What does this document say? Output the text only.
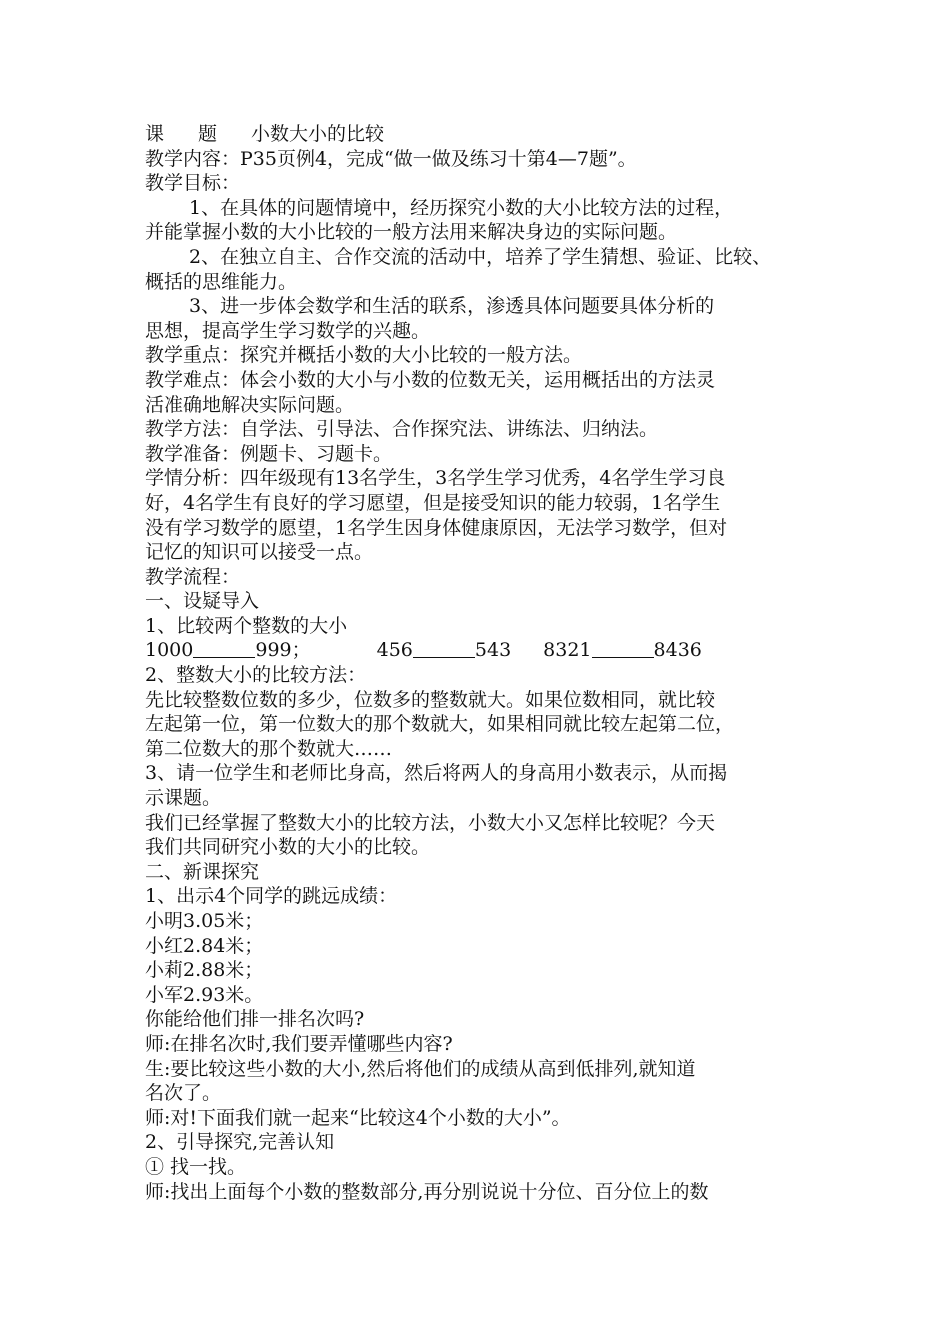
课 题 小数大小的比较
教学内容：P35页例4，完成“做一做及练习十第4—7题”。
教学目标：
1、在具体的问题情境中，经历探究小数的大小比较方法的过程，
并能掌握小数的大小比较的一般方法用来解决身边的实际问题。
2、在独立自主、合作交流的活动中，培养了学生猜想、验证、比较、
概括的思维能力。
3、进一步体会数学和生活的联系，渗透具体问题要具体分析的
思想，提高学生学习数学的兴趣。
教学重点：探究并概括小数的大小比较的一般方法。
教学难点：体会小数的大小与小数的位数无关，运用概括出的方法灵
活准确地解决实际问题。
教学方法：自学法、引导法、合作探究法、讲练法、归纳法。
教学准备：例题卡、习题卡。
学情分析：四年级现有13名学生，3名学生学习优秀，4名学生学习良
好，4名学生有良好的学习愿望，但是接受知识的能力较弱，1名学生
没有学习数学的愿望，1名学生因身体健康原因，无法学习数学，但对
记忆的知识可以接受一点。
教学流程：
一、设疑导入
1、比较两个整数的大小
1000	999；	456	543 8321	8436
2、整数大小的比较方法：
先比较整数位数的多少，位数多的整数就大。如果位数相同，就比较
左起第一位，第一位数大的那个数就大，如果相同就比较左起第二位，
第二位数大的那个数就大……
3、请一位学生和老师比身高，然后将两人的身高用小数表示，从而揭
示课题。
我们已经掌握了整数大小的比较方法，小数大小又怎样比较呢？今天
我们共同研究小数的大小的比较。
二、新课探究
1、出示4个同学的跳远成绩：
小明3.05米；
小红2.84米；
小莉2.88米；
小军2.93米。
你能给他们排一排名次吗?
师:在排名次时,我们要弄懂哪些内容?
生:要比较这些小数的大小,然后将他们的成绩从高到低排列,就知道
名次了。
师:对!下面我们就一起来“比较这4个小数的大小”。
2、引导探究,完善认知
① 找一找。
师:找出上面每个小数的整数部分,再分别说说十分位、百分位上的数
